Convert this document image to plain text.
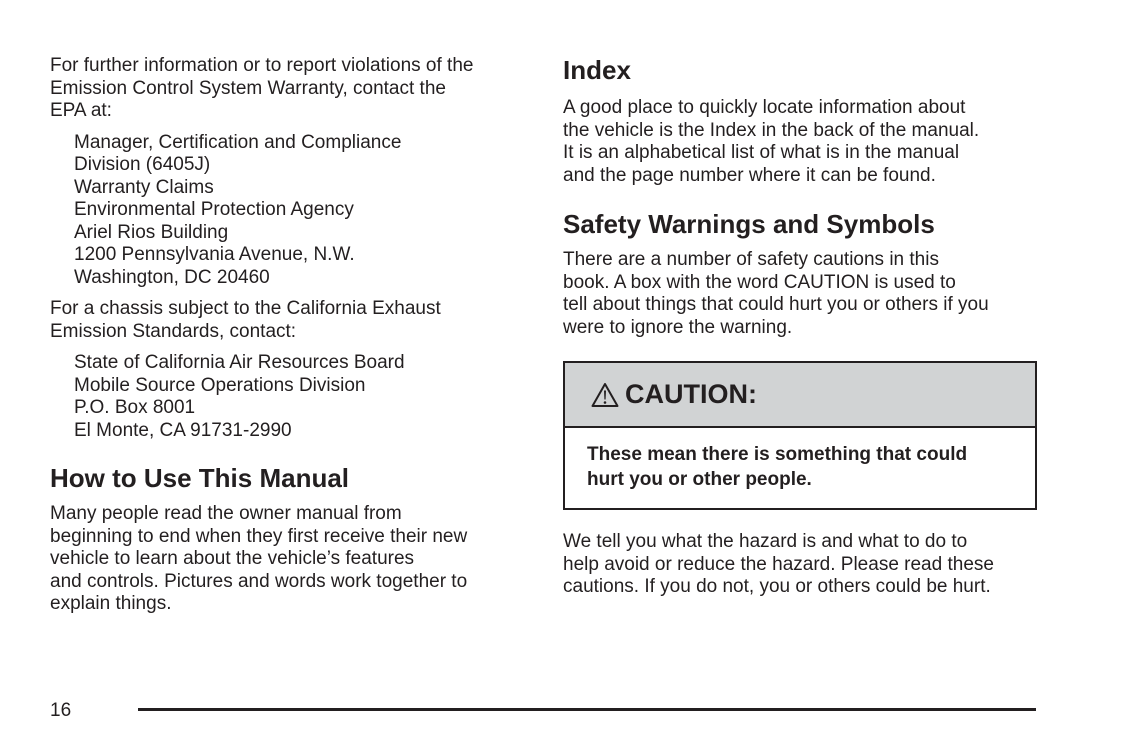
For further information or to report violations of the

Emission Control System Warranty, contact the

EPA at:

Manager, Certification and Compliance

Division (6405J)

Warranty Claims

Environmental Protection Agency

Ariel Rios Building

1200 Pennsylvania Avenue, N.W.

Washington, DC 20460

For a chassis subject to the California Exhaust

Emission Standards, contact:

State of California Air Resources Board

Mobile Source Operations Division

P.O. Box 8001

El Monte, CA 91731-2990

How to Use This Manual

Many people read the owner manual from

beginning to end when they first receive their new

vehicle to learn about the vehicle’s features

and controls. Pictures and words work together to

explain things.

Index

A good place to quickly locate information about

the vehicle is the Index in the back of the manual.

It is an alphabetical list of what is in the manual

and the page number where it can be found.

Safety Warnings and Symbols

There are a number of safety cautions in this

book. A box with the word CAUTION is used to

tell about things that could hurt you or others if you

were to ignore the warning.

CAUTION:
These mean there is something that could
hurt you or other people.

We tell you what the hazard is and what to do to

help avoid or reduce the hazard. Please read these

cautions. If you do not, you or others could be hurt.

16
